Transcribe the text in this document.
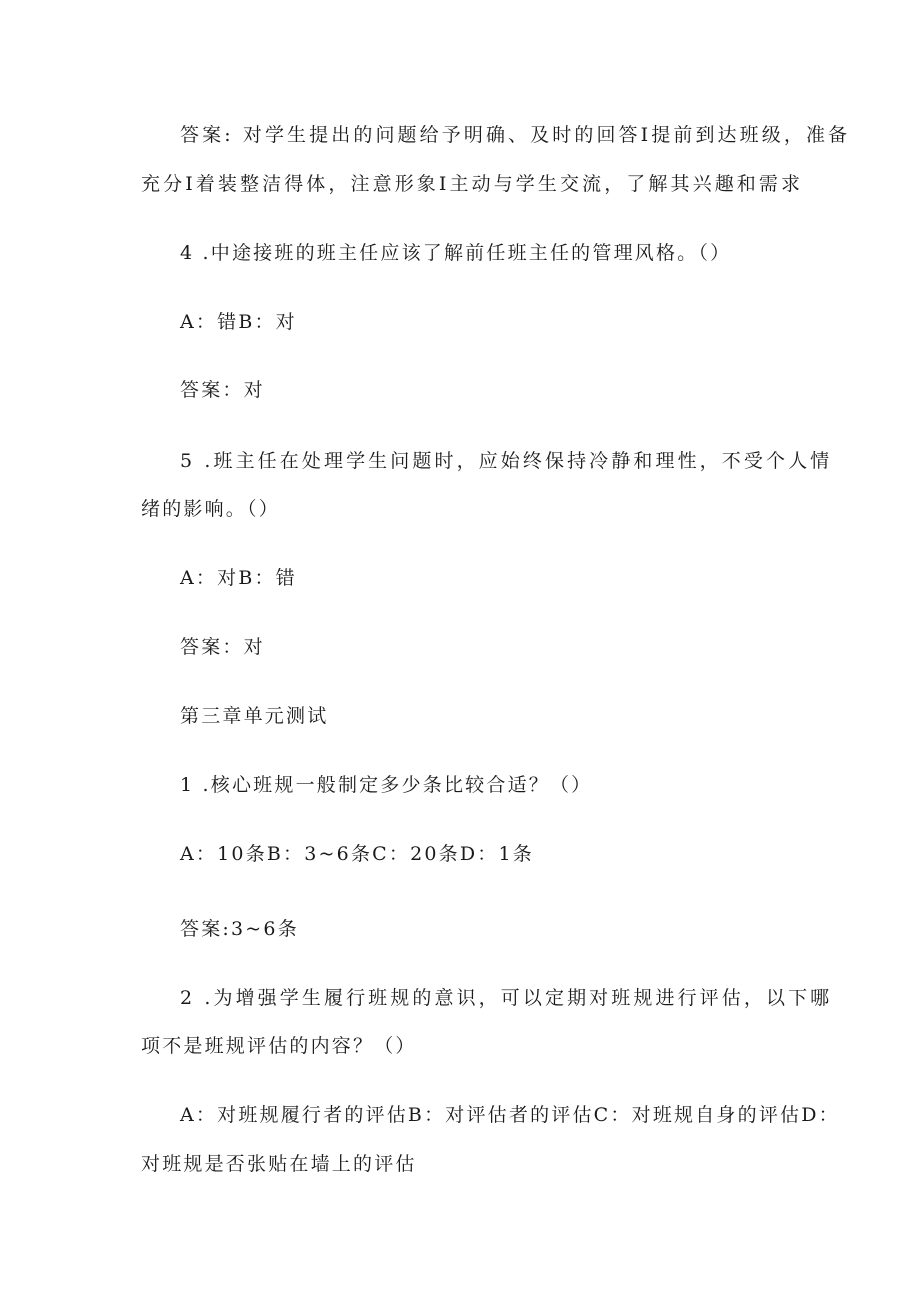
答案: 对学生提出的问题给予明确、及时的回答I提前到达班级，准备
充分I着装整洁得体，注意形象I主动与学生交流，了解其兴趣和需求
4 .中途接班的班主任应该了解前任班主任的管理风格。（）
A：错B：对
答案：对
5 .班主任在处理学生问题时，应始终保持冷静和理性，不受个人情
绪的影响。（）
A：对B：错
答案：对
第三章单元测试
1 .核心班规一般制定多少条比较合适？（）
A：10条B：3~6条C：20条D：1条
答案:3~6条
2 .为增强学生履行班规的意识，可以定期对班规进行评估，以下哪
项不是班规评估的内容？（）
A：对班规履行者的评估B：对评估者的评估C：对班规自身的评估D：
对班规是否张贴在墙上的评估
